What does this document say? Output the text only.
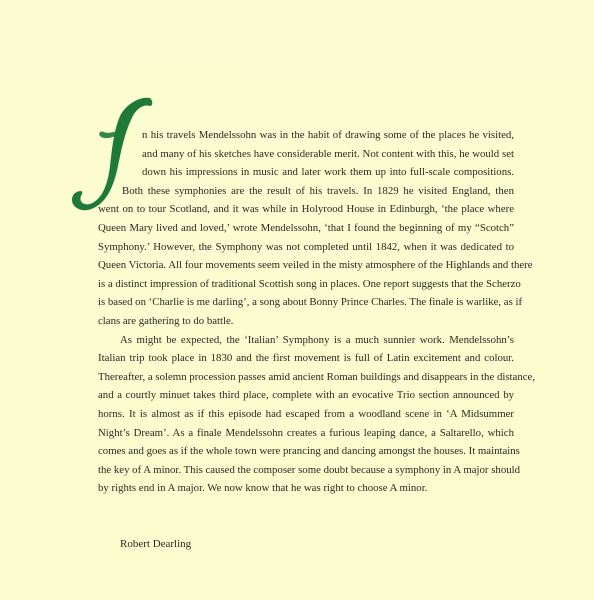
n his travels Mendelssohn was in the habit of drawing some of the places he visited,
and many of his sketches have considerable merit. Not content with this, he would set
down his impressions in music and later work them up into full-scale compositions.
Both these symphonies are the result of his travels. In 1829 he visited England, then
went on to tour Scotland, and it was while in Holyrood House in Edinburgh, ‘the place where
Queen Mary lived and loved,’ wrote Mendelssohn, ‘that I found the beginning of my “Scotch”
Symphony.’ However, the Symphony was not completed until 1842, when it was dedicated to
Queen Victoria. All four movements seem veiled in the misty atmosphere of the Highlands and there
is a distinct impression of traditional Scottish song in places. One report suggests that the Scherzo
is based on ‘Charlie is me darling’, a song about Bonny Prince Charles. The finale is warlike, as if
clans are gathering to do battle.
As might be expected, the ‘Italian’ Symphony is a much sunnier work. Mendelssohn’s
Italian trip took place in 1830 and the first movement is full of Latin excitement and colour.
Thereafter, a solemn procession passes amid ancient Roman buildings and disappears in the distance,
and a courtly minuet takes third place, complete with an evocative Trio section announced by
horns. It is almost as if this episode had escaped from a woodland scene in ‘A Midsummer
Night’s Dream’. As a finale Mendelssohn creates a furious leaping dance, a Saltarello, which
comes and goes as if the whole town were prancing and dancing amongst the houses. It maintains
the key of A minor. This caused the composer some doubt because a symphony in A major should
by rights end in A major. We now know that he was right to choose A minor.
Robert Dearling
